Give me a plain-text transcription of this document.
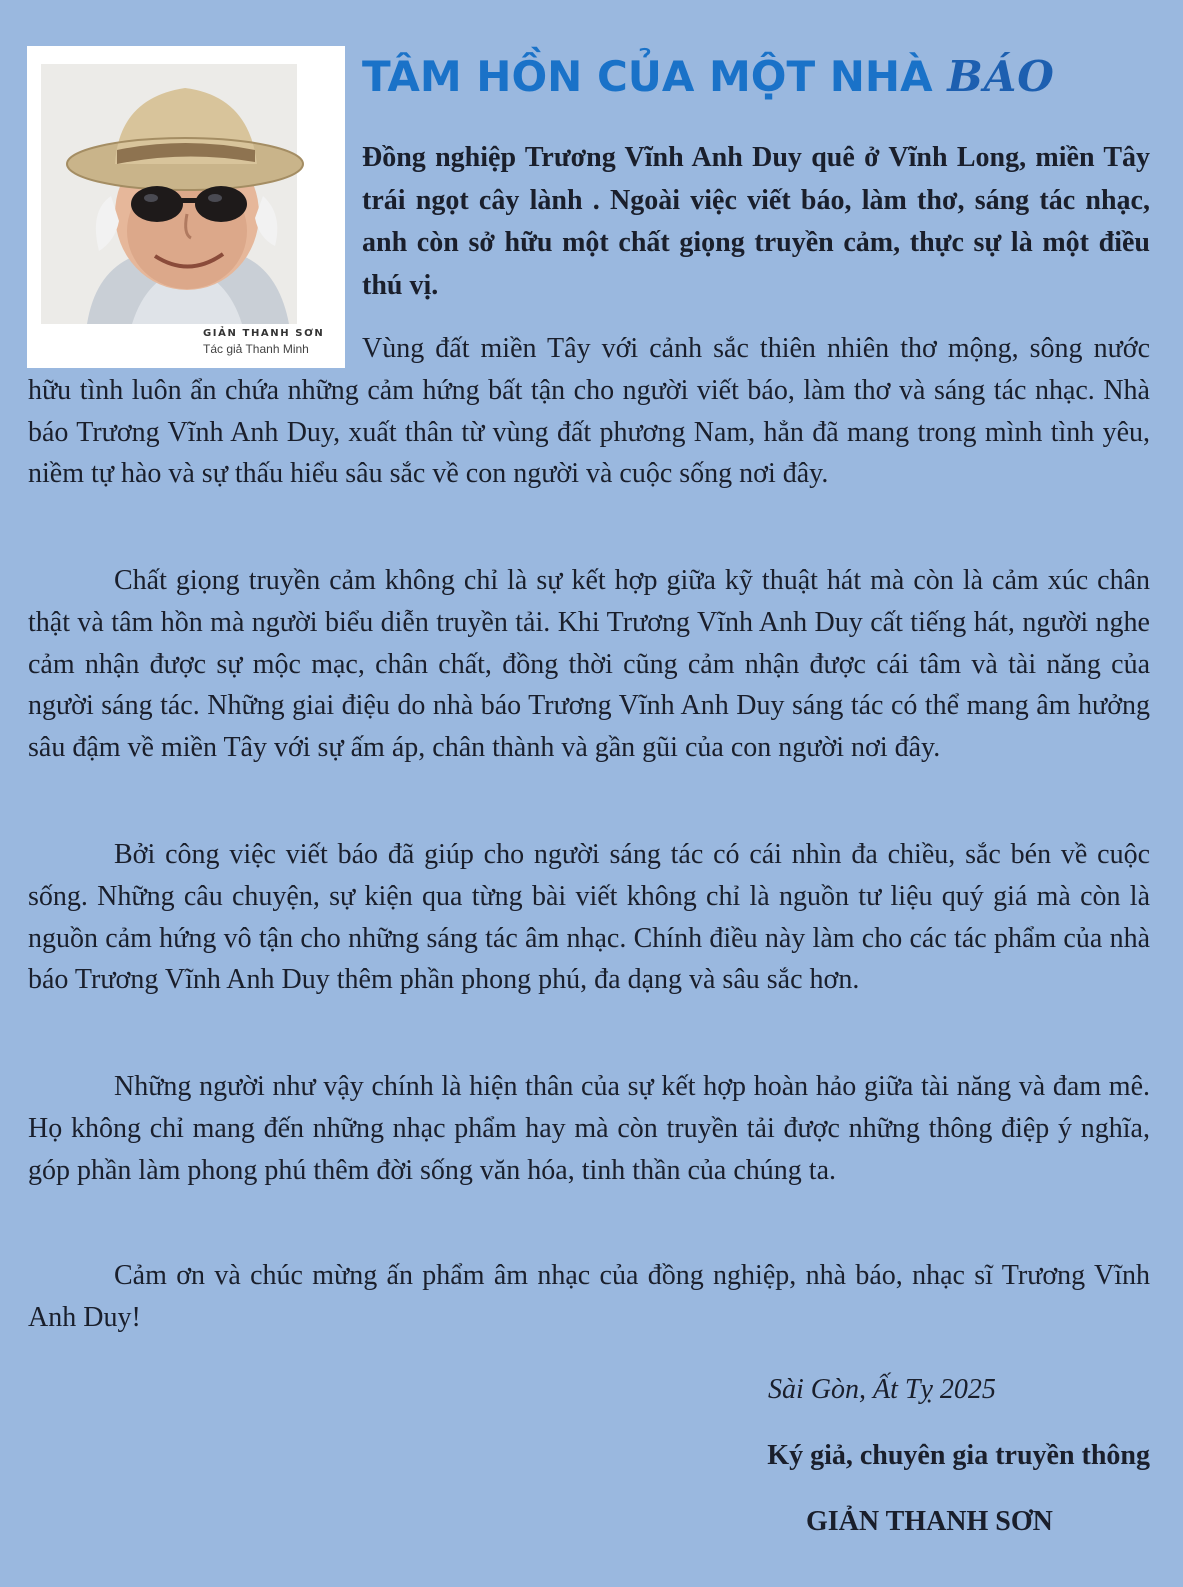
GIẢN THANH SƠN
Tác giả Thanh Minh
TÂM HỒN CỦA MỘT NHÀ BÁO

Đồng nghiệp Trương Vĩnh Anh Duy quê ở Vĩnh Long, miền Tây trái ngọt cây lành . Ngoài việc viết báo, làm thơ, sáng tác nhạc, anh còn sở hữu một chất giọng truyền cảm, thực sự là một điều thú vị.

Vùng đất miền Tây với cảnh sắc thiên nhiên thơ mộng, sông nước hữu tình luôn ẩn chứa những cảm hứng bất tận cho người viết báo, làm thơ và sáng tác nhạc. Nhà báo Trương Vĩnh Anh Duy, xuất thân từ vùng đất phương Nam, hẳn đã mang trong mình tình yêu, niềm tự hào và sự thấu hiểu sâu sắc về con người và cuộc sống nơi đây.

Chất giọng truyền cảm không chỉ là sự kết hợp giữa kỹ thuật hát mà còn là cảm xúc chân thật và tâm hồn mà người biểu diễn truyền tải. Khi Trương Vĩnh Anh Duy cất tiếng hát, người nghe cảm nhận được sự mộc mạc, chân chất, đồng thời cũng cảm nhận được cái tâm và tài năng của người sáng tác. Những giai điệu do nhà báo Trương Vĩnh Anh Duy sáng tác có thể mang âm hưởng sâu đậm về miền Tây với sự ấm áp, chân thành và gần gũi của con người nơi đây.

Bởi công việc viết báo đã giúp cho người sáng tác có cái nhìn đa chiều, sắc bén về cuộc sống. Những câu chuyện, sự kiện qua từng bài viết không chỉ là nguồn tư liệu quý giá mà còn là nguồn cảm hứng vô tận cho những sáng tác âm nhạc. Chính điều này làm cho các tác phẩm của nhà báo Trương Vĩnh Anh Duy thêm phần phong phú, đa dạng và sâu sắc hơn.

Những người như vậy chính là hiện thân của sự kết hợp hoàn hảo giữa tài năng và đam mê. Họ không chỉ mang đến những nhạc phẩm hay mà còn truyền tải được những thông điệp ý nghĩa, góp phần làm phong phú thêm đời sống văn hóa, tinh thần của chúng ta.

Cảm ơn và chúc mừng ấn phẩm âm nhạc của đồng nghiệp, nhà báo, nhạc sĩ Trương Vĩnh Anh Duy!

Sài Gòn, Ất Tỵ 2025
Ký giả, chuyên gia truyền thông
GIẢN THANH SƠN
